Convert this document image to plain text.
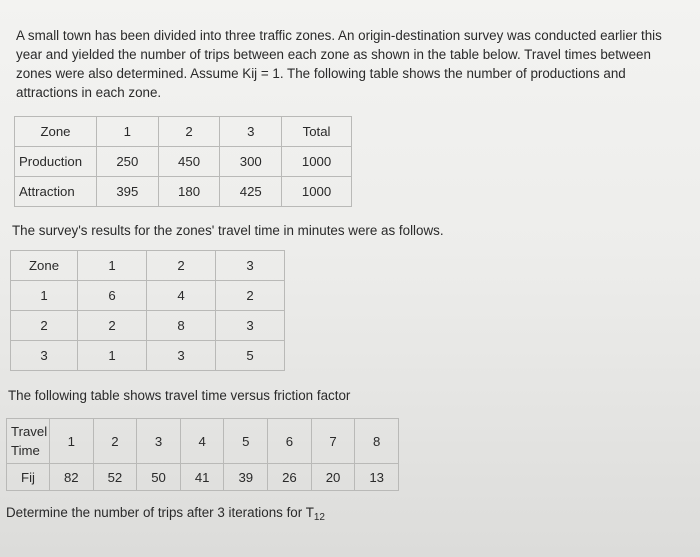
A small town has been divided into three traffic zones. An origin-destination survey was conducted earlier this year and yielded the number of trips between each zone as shown in the table below. Travel times between zones were also determined. Assume Kij = 1. The following table shows the number of productions and attractions in each zone.

Zone	1	2	3	Total
Production	250	450	300	1000
Attraction	395	180	425	1000
The survey's results for the zones' travel time in minutes were as follows.
Zone	1	2	3
1	6	4	2
2	2	8	3
3	1	3	5
The following table shows travel time versus friction factor
Travel
Time	1	2	3	4	5	6	7	8
Fij	82	52	50	41	39	26	20	13
Determine the number of trips after 3 iterations for $T_{12}$
